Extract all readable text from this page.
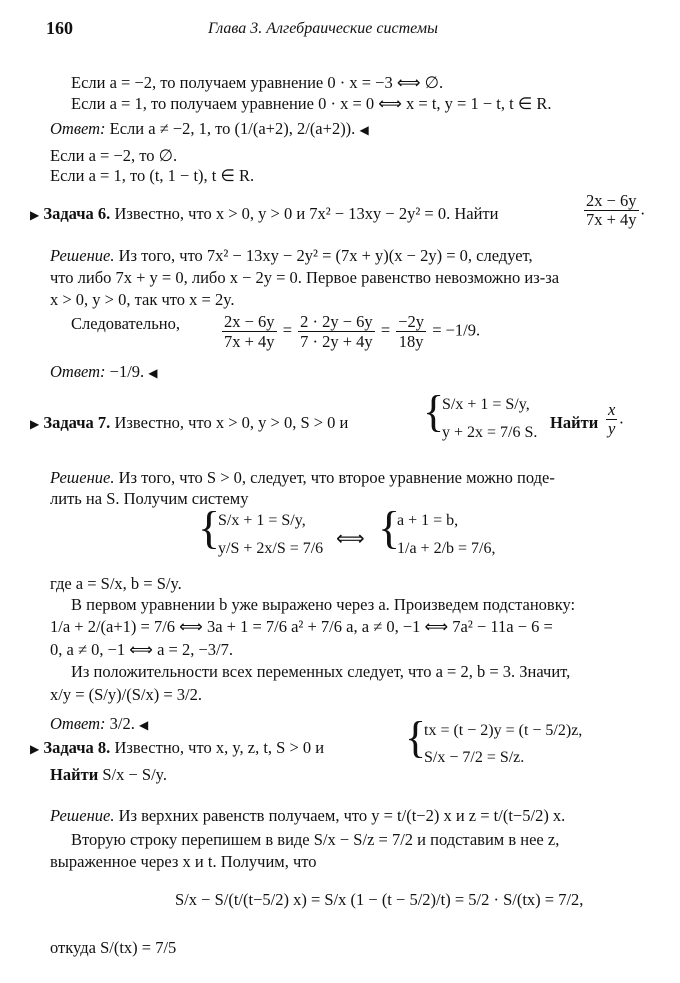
160	Глава 3. Алгебраические системы
Если a = −2, то получаем уравнение 0 · x = −3 ⟺ ∅.
Если a = 1, то получаем уравнение 0 · x = 0 ⟺ x = t, y = 1 − t, t ∈ R.
Ответ: Если a ≠ −2, 1, то (1/(a+2), 2/(a+2)). ◀
Если a = −2, то ∅.
Если a = 1, то (t, 1 − t), t ∈ R.
▶ Задача 6. Известно, что x > 0, y > 0 и 7x² − 13xy − 2y² = 0. Найти	$\frac{2x - 6y}{7x + 4y}$ .
Решение. Из того, что 7x² − 13xy − 2y² = (7x + y)(x − 2y) = 0, следует,
что либо 7x + y = 0, либо x − 2y = 0. Первое равенство невозможно из-за
x > 0, y > 0, так что x = 2y.
Следовательно,	$\frac{2x - 6y}{7x + 4y} = \frac{2 \cdot 2y - 6y}{7 \cdot 2y + 4y} = \frac{-2y}{18y} = -1/9$.
Ответ: −1/9. ◀
▶ Задача 7. Известно, что x > 0, y > 0, S > 0 и {
S/x + 1 = S/y,
y + 2x = 7/6 S.
Найти $\frac{x}{y}$ .
Решение. Из того, что S > 0, следует, что второе уравнение можно поде-
лить на S. Получим систему
{
S/x + 1 = S/y,
y/S + 2x/S = 7/6 ⟺ {
a + 1 = b,
1/a + 2/b = 7/6,
где a = S/x, b = S/y.
В первом уравнении b уже выражено через a. Произведем подстановку:
1/a + 2/(a+1) = 7/6 ⟺ 3a + 1 = 7/6 a² + 7/6 a, a ≠ 0, −1 ⟺ 7a² − 11a − 6 =
0, a ≠ 0, −1 ⟺ a = 2, −3/7.
Из положительности всех переменных следует, что a = 2, b = 3. Значит,
x/y = (S/y)/(S/x) = 3/2.
Ответ: 3/2. ◀
▶ Задача 8. Известно, что x, y, z, t, S > 0 и {
tx = (t − 2)y = (t − 5/2)z,
S/x − 7/2 = S/z.
Найти S/x − S/y.
Решение. Из верхних равенств получаем, что y = t/(t−2) x и z = t/(t−5/2) x.
Вторую строку перепишем в виде S/x − S/z = 7/2 и подставим в нее z,
выраженное через x и t. Получим, что
S/x − S/(t/(t−5/2) x) = S/x (1 − (t − 5/2)/t) = 5/2 · S/(tx) = 7/2,
откуда S/(tx) = 7/5
